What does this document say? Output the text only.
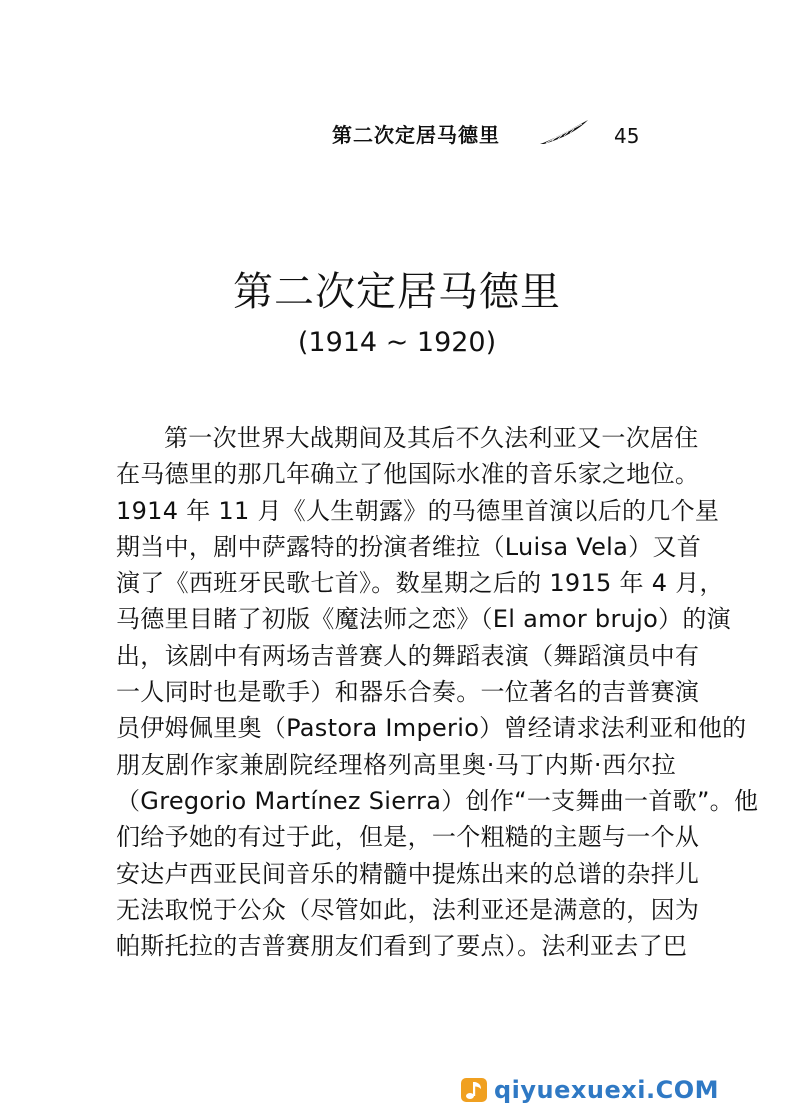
第二次定居马德里	45
第二次定居马德里
(1914 ~ 1920)
第一次世界大战期间及其后不久法利亚又一次居住
在马德里的那几年确立了他国际水准的音乐家之地位。
1914 年 11 月《人生朝露》的马德里首演以后的几个星
期当中，剧中萨露特的扮演者维拉（Luisa Vela）又首
演了《西班牙民歌七首》。数星期之后的 1915 年 4 月，
马德里目睹了初版《魔法师之恋》（El amor brujo）的演
出，该剧中有两场吉普赛人的舞蹈表演（舞蹈演员中有
一人同时也是歌手）和器乐合奏。一位著名的吉普赛演
员伊姆佩里奥（Pastora Imperio）曾经请求法利亚和他的
朋友剧作家兼剧院经理格列高里奥·马丁内斯·西尔拉
（Gregorio Martínez Sierra）创作“一支舞曲一首歌”。他
们给予她的有过于此，但是，一个粗糙的主题与一个从
安达卢西亚民间音乐的精髓中提炼出来的总谱的杂拌儿
无法取悦于公众（尽管如此，法利亚还是满意的，因为
帕斯托拉的吉普赛朋友们看到了要点）。法利亚去了巴
qiyuexuexi.COM
